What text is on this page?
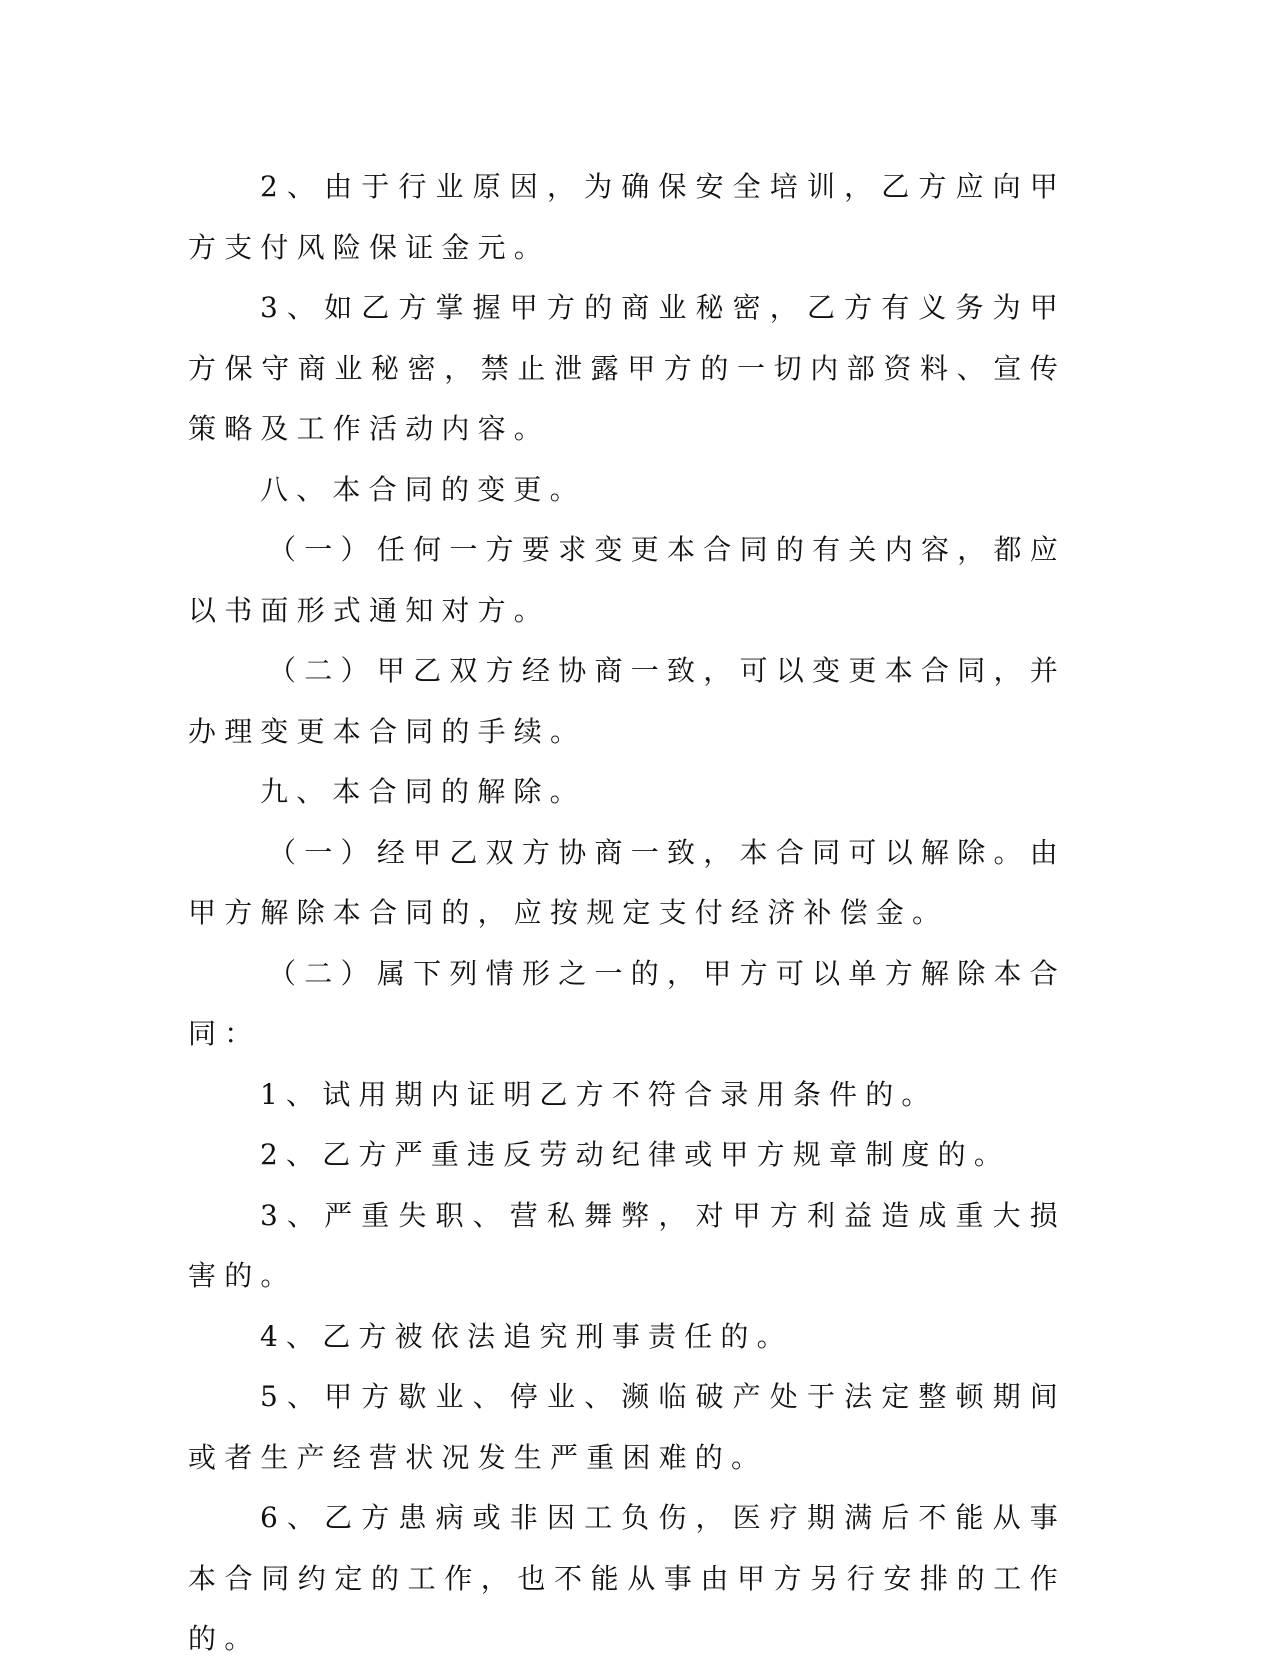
2、由于行业原因，为确保安全培训，乙方应向甲方支付风险保证金元。

3、如乙方掌握甲方的商业秘密，乙方有义务为甲方保守商业秘密，禁止泄露甲方的一切内部资料、宣传策略及工作活动内容。

八、本合同的变更。

（一）任何一方要求变更本合同的有关内容，都应以书面形式通知对方。

（二）甲乙双方经协商一致，可以变更本合同，并办理变更本合同的手续。

九、本合同的解除。

（一）经甲乙双方协商一致，本合同可以解除。由甲方解除本合同的，应按规定支付经济补偿金。

（二）属下列情形之一的，甲方可以单方解除本合同：

1、试用期内证明乙方不符合录用条件的。

2、乙方严重违反劳动纪律或甲方规章制度的。

3、严重失职、营私舞弊，对甲方利益造成重大损害的。

4、乙方被依法追究刑事责任的。

5、甲方歇业、停业、濒临破产处于法定整顿期间或者生产经营状况发生严重困难的。

6、乙方患病或非因工负伤，医疗期满后不能从事本合同约定的工作，也不能从事由甲方另行安排的工作的。
